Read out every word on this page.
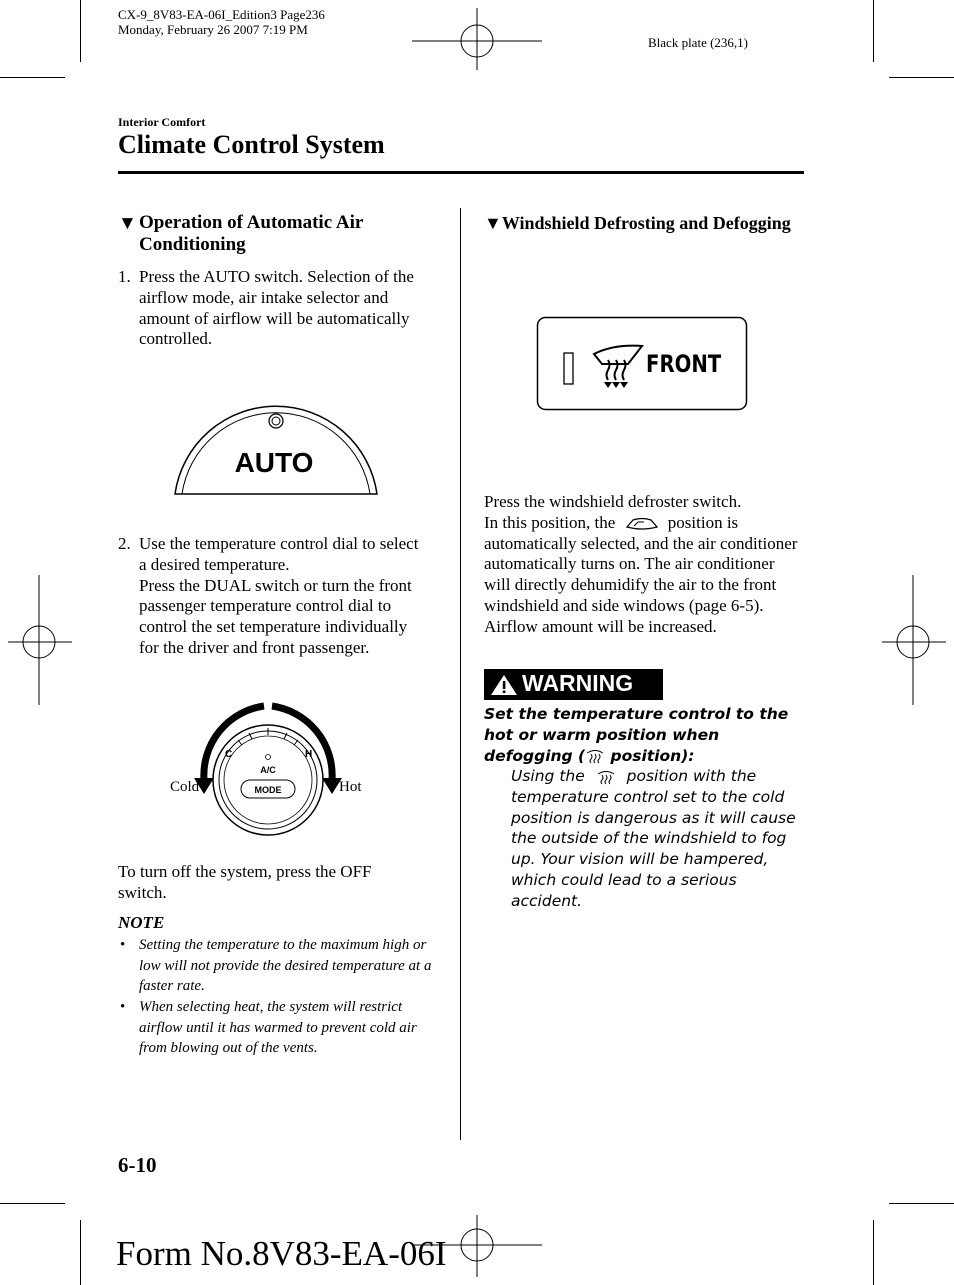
CX-9_8V83-EA-06I_Edition3 Page236
Monday, February 26 2007 7:19 PM
Black plate (236,1)
Interior Comfort
Climate Control System
▼ Operation of Automatic Air Conditioning
1. Press the AUTO switch. Selection of the airflow mode, air intake selector and amount of airflow will be automatically controlled.
AUTO
2. Use the temperature control dial to select a desired temperature.
Press the DUAL switch or turn the front passenger temperature control dial to control the set temperature individually for the driver and front passenger.
C	H
A/C
MODE
Cold	Hot
To turn off the system, press the OFF switch.
NOTE
• Setting the temperature to the maximum high or low will not provide the desired temperature at a faster rate.
• When selecting heat, the system will restrict airflow until it has warmed to prevent cold air from blowing out of the vents.
▼Windshield Defrosting and Defogging
FRONT
Press the windshield defroster switch.
In this position, the	position is automatically selected, and the air conditioner automatically turns on. The air conditioner will directly dehumidify the air to the front windshield and side windows (page 6-5). Airflow amount will be increased.
WARNING
Set the temperature control to the hot or warm position when defogging ( position):
Using the	position with the temperature control set to the cold position is dangerous as it will cause the outside of the windshield to fog up. Your vision will be hampered, which could lead to a serious accident.
6-10
Form No.8V83-EA-06I
